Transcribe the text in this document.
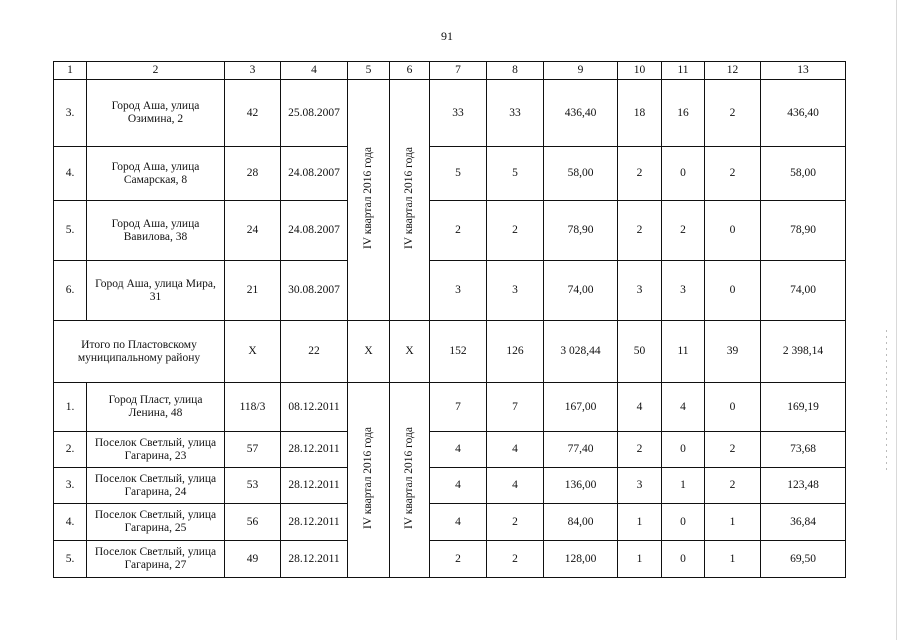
91
1	2	3	4	5	6	7	8	9	10	11	12	13
3.	Город Аша, улица Озимина, 2	42	25.08.2007	IV квартал 2016 года	IV квартал 2016 года	33	33	436,40	18	16	2	436,40
4.	Город Аша, улица Самарская, 8	28	24.08.2007			5	5	58,00	2	0	2	58,00
5.	Город Аша, улица Вавилова, 38	24	24.08.2007			2	2	78,90	2	2	0	78,90
6.	Город Аша, улица Мира, 31	21	30.08.2007			3	3	74,00	3	3	0	74,00
Итого по Пластовскому муниципальному району		Х	22	Х	Х	152	126	3 028,44	50	11	39	2 398,14
1.	Город Пласт, улица Ленина, 48	118/3	08.12.2011	IV квартал 2016 года	IV квартал 2016 года	7	7	167,00	4	4	0	169,19
2.	Поселок Светлый, улица Гагарина, 23	57	28.12.2011			4	4	77,40	2	0	2	73,68
3.	Поселок Светлый, улица Гагарина, 24	53	28.12.2011			4	4	136,00	3	1	2	123,48
4.	Поселок Светлый, улица Гагарина, 25	56	28.12.2011			4	2	84,00	1	0	1	36,84
5.	Поселок Светлый, улица Гагарина, 27	49	28.12.2011			2	2	128,00	1	0	1	69,50
